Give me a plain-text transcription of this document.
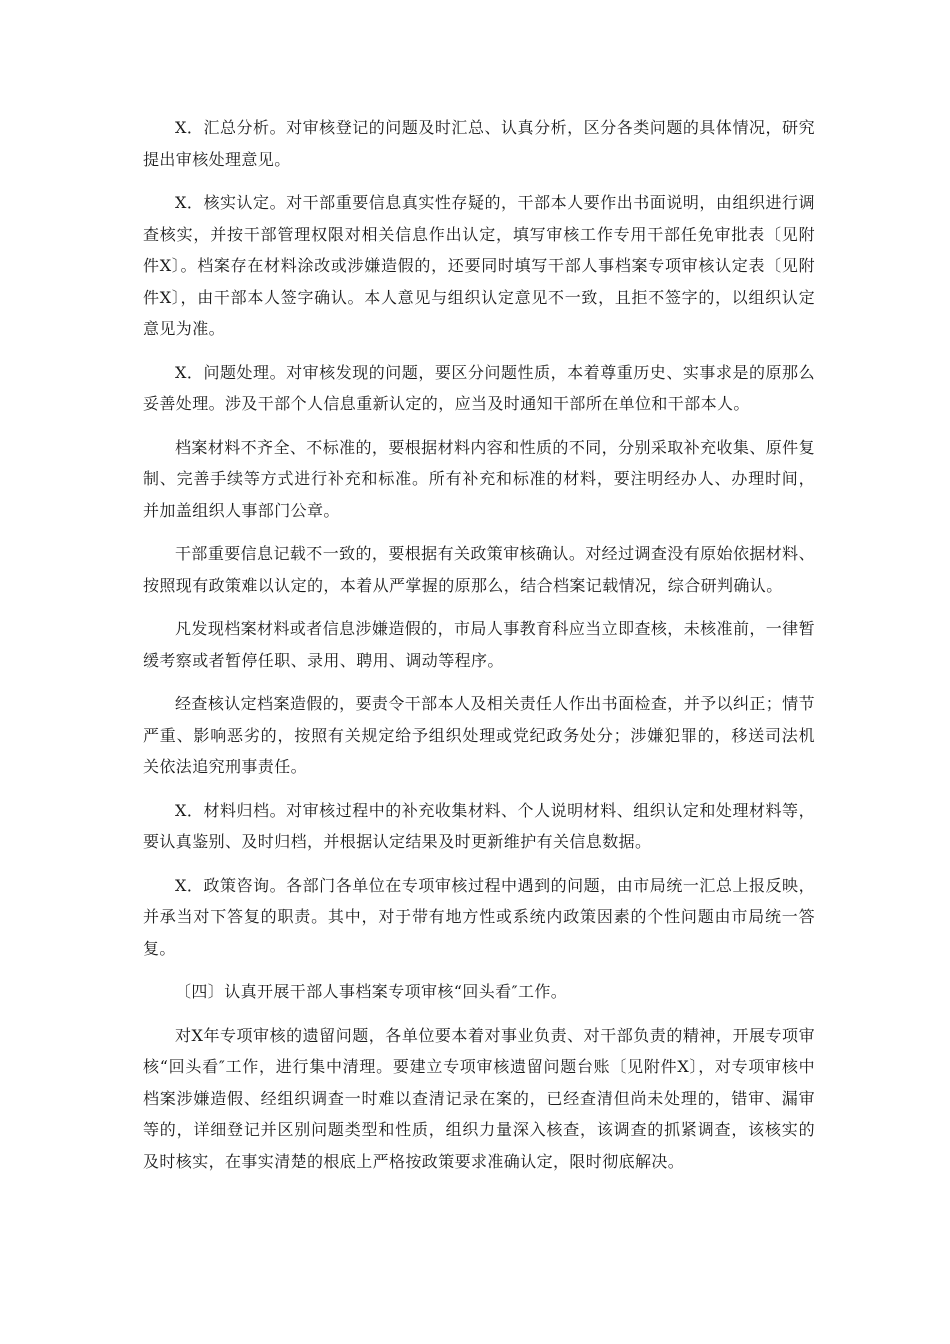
X．汇总分析。对审核登记的问题及时汇总、认真分析，区分各类问题的具体情况，研究提出审核处理意见。

X．核实认定。对干部重要信息真实性存疑的，干部本人要作出书面说明，由组织进行调查核实，并按干部管理权限对相关信息作出认定，填写审核工作专用干部任免审批表〔见附件X〕。档案存在材料涂改或涉嫌造假的，还要同时填写干部人事档案专项审核认定表〔见附件X〕，由干部本人签字确认。本人意见与组织认定意见不一致，且拒不签字的，以组织认定意见为准。

X．问题处理。对审核发现的问题，要区分问题性质，本着尊重历史、实事求是的原那么妥善处理。涉及干部个人信息重新认定的，应当及时通知干部所在单位和干部本人。

档案材料不齐全、不标准的，要根据材料内容和性质的不同，分别采取补充收集、原件复制、完善手续等方式进行补充和标准。所有补充和标准的材料，要注明经办人、办理时间，并加盖组织人事部门公章。

干部重要信息记载不一致的，要根据有关政策审核确认。对经过调查没有原始依据材料、按照现有政策难以认定的，本着从严掌握的原那么，结合档案记载情况，综合研判确认。

凡发现档案材料或者信息涉嫌造假的，市局人事教育科应当立即查核，未核准前，一律暂缓考察或者暂停任职、录用、聘用、调动等程序。

经查核认定档案造假的，要责令干部本人及相关责任人作出书面检查，并予以纠正；情节严重、影响恶劣的，按照有关规定给予组织处理或党纪政务处分；涉嫌犯罪的，移送司法机关依法追究刑事责任。

X．材料归档。对审核过程中的补充收集材料、个人说明材料、组织认定和处理材料等，要认真鉴别、及时归档，并根据认定结果及时更新维护有关信息数据。

X．政策咨询。各部门各单位在专项审核过程中遇到的问题，由市局统一汇总上报反映，并承当对下答复的职责。其中，对于带有地方性或系统内政策因素的个性问题由市局统一答复。

〔四〕认真开展干部人事档案专项审核“回头看″工作。

对X年专项审核的遗留问题，各单位要本着对事业负责、对干部负责的精神，开展专项审核“回头看″工作，进行集中清理。要建立专项审核遗留问题台账〔见附件X〕，对专项审核中档案涉嫌造假、经组织调查一时难以查清记录在案的，已经查清但尚未处理的，错审、漏审等的，详细登记并区别问题类型和性质，组织力量深入核查，该调查的抓紧调查，该核实的及时核实，在事实清楚的根底上严格按政策要求准确认定，限时彻底解决。
